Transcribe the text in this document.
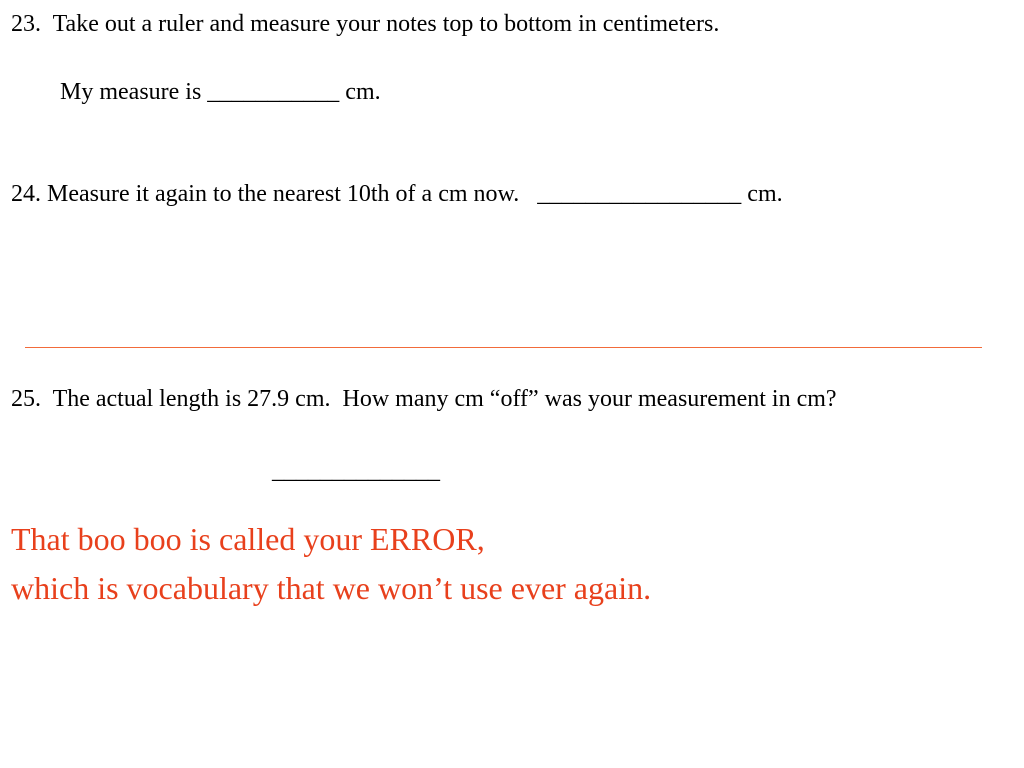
23.  Take out a ruler and measure your notes top to bottom in centimeters.
My measure is ___________ cm.
24. Measure it again to the nearest 10th of a cm now.   _________________ cm.
25.  The actual length is 27.9 cm.  How many cm “off” was your measurement in cm?
______________
That boo boo is called your ERROR,
which is vocabulary that we won’t use ever again.
